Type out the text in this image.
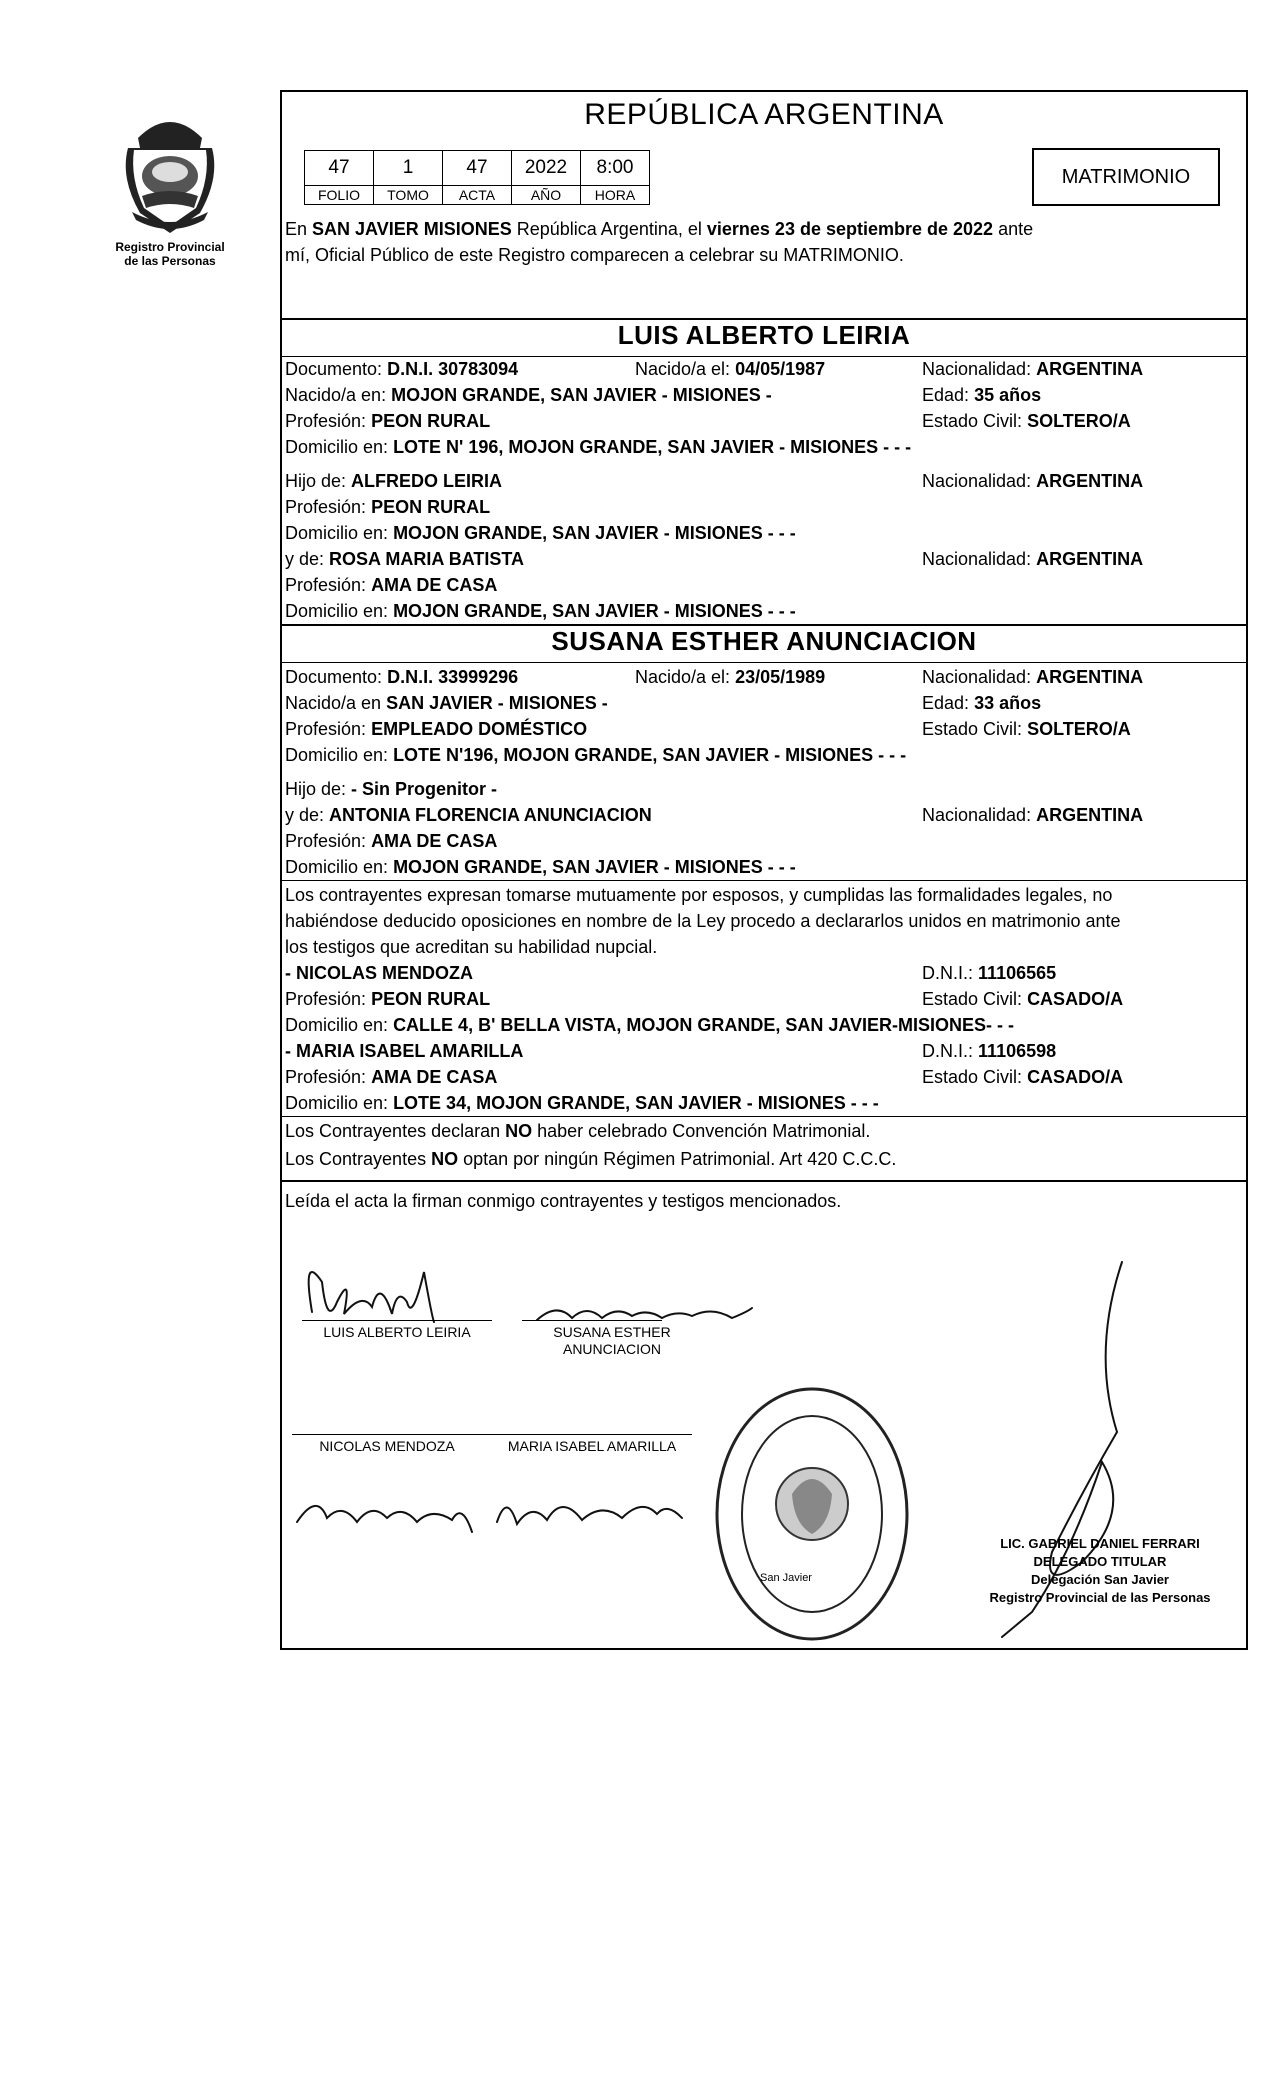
Registro Provincial
de las Personas
REPÚBLICA ARGENTINA
47	1	47	2022	8:00
FOLIO	TOMO	ACTA	AÑO	HORA
MATRIMONIO
En SAN JAVIER MISIONES República Argentina, el viernes 23 de septiembre de 2022 ante
mí, Oficial Público de este Registro comparecen a celebrar su MATRIMONIO.
LUIS ALBERTO LEIRIA
Documento: D.N.I. 30783094	Nacido/a el: 04/05/1987	Nacionalidad: ARGENTINA
Nacido/a en: MOJON GRANDE, SAN JAVIER - MISIONES -	Edad: 35 años
Profesión: PEON RURAL	Estado Civil: SOLTERO/A
Domicilio en: LOTE N' 196, MOJON GRANDE, SAN JAVIER - MISIONES - - -
Hijo de: ALFREDO LEIRIA	Nacionalidad: ARGENTINA
Profesión: PEON RURAL
Domicilio en: MOJON GRANDE, SAN JAVIER - MISIONES - - -
y de: ROSA MARIA BATISTA	Nacionalidad: ARGENTINA
Profesión: AMA DE CASA
Domicilio en: MOJON GRANDE, SAN JAVIER - MISIONES - - -
SUSANA ESTHER ANUNCIACION
Documento: D.N.I. 33999296	Nacido/a el: 23/05/1989	Nacionalidad: ARGENTINA
Nacido/a en SAN JAVIER - MISIONES -	Edad: 33 años
Profesión: EMPLEADO DOMÉSTICO	Estado Civil: SOLTERO/A
Domicilio en: LOTE N'196, MOJON GRANDE, SAN JAVIER - MISIONES - - -
Hijo de: - Sin Progenitor -
y de: ANTONIA FLORENCIA ANUNCIACION	Nacionalidad: ARGENTINA
Profesión: AMA DE CASA
Domicilio en: MOJON GRANDE, SAN JAVIER - MISIONES - - -
Los contrayentes expresan tomarse mutuamente por esposos, y cumplidas las formalidades legales, no
habiéndose deducido oposiciones en nombre de la Ley procedo a declararlos unidos en matrimonio ante
los testigos que acreditan su habilidad nupcial.
- NICOLAS MENDOZA	D.N.I.: 11106565
Profesión: PEON RURAL	Estado Civil: CASADO/A
Domicilio en: CALLE 4, B' BELLA VISTA, MOJON GRANDE, SAN JAVIER-MISIONES- - -
- MARIA ISABEL AMARILLA	D.N.I.: 11106598
Profesión: AMA DE CASA	Estado Civil: CASADO/A
Domicilio en: LOTE 34, MOJON GRANDE, SAN JAVIER - MISIONES - - -
Los Contrayentes declaran NO haber celebrado Convención Matrimonial.
Los Contrayentes NO optan por ningún Régimen Patrimonial. Art 420 C.C.C.
Leída el acta la firman conmigo contrayentes y testigos mencionados.
LUIS ALBERTO LEIRIA	SUSANA ESTHER
ANUNCIACION
NICOLAS MENDOZA	MARIA ISABEL AMARILLA
San Javier
LIC. GABRIEL DANIEL FERRARI
DELEGADO TITULAR
Delegación San Javier
Registro Provincial de las Personas
